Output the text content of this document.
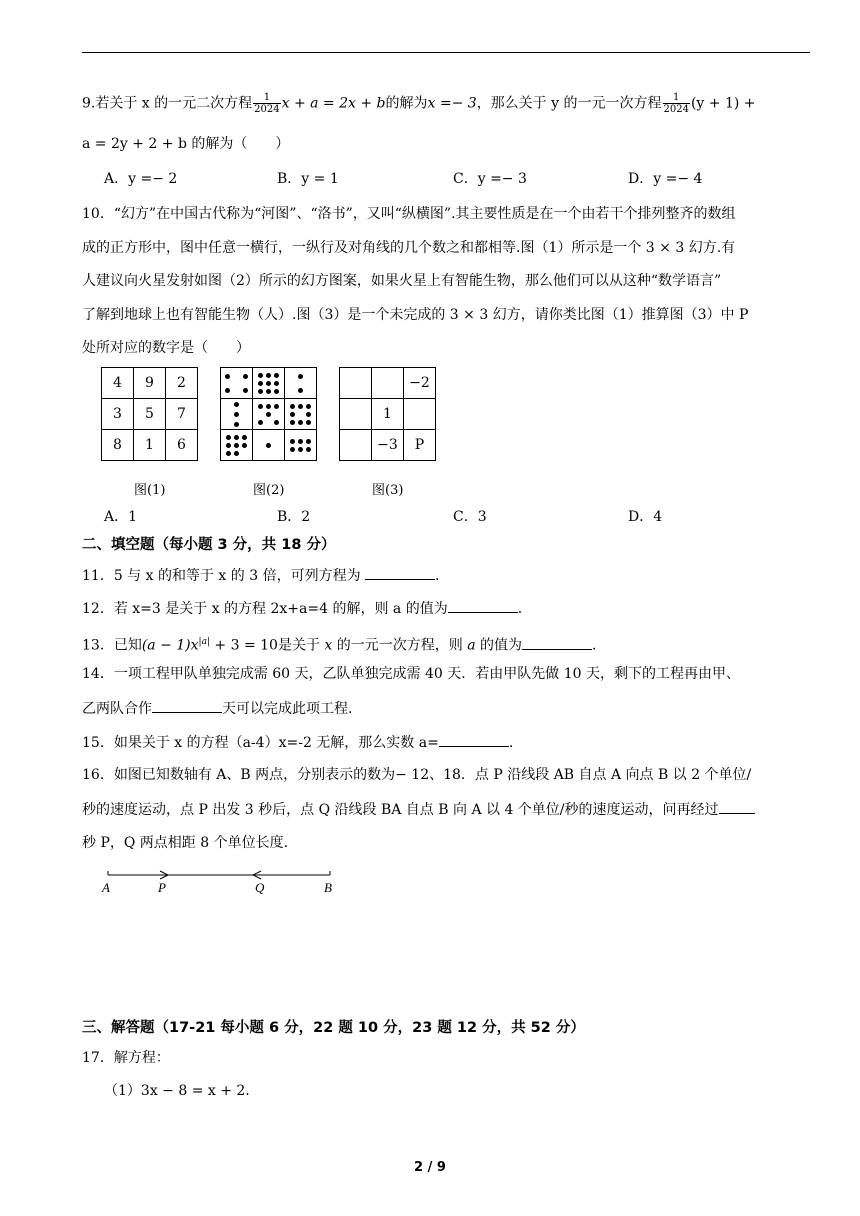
9.若关于 x 的一元二次方程 $\frac{1}{2024}$ x + a = 2x + b的解为x =− 3，那么关于 y 的一元一次方程 $\frac{1}{2024} (y + 1)$ +
a = 2y + 2 + b 的解为（　　）
A．y =− 2	B．y = 1	C．y =− 3	D．y =− 4
10．“幻方”在中国古代称为“河图”、“洛书”，又叫“纵横图”.其主要性质是在一个由若干个排列整齐的数组
成的正方形中，图中任意一横行，一纵行及对角线的几个数之和都相等.图（1）所示是一个 3 × 3 幻方.有
人建议向火星发射如图（2）所示的幻方图案，如果火星上有智能生物，那么他们可以从这种“数学语言”
了解到地球上也有智能生物（人）.图（3）是一个未完成的 3 × 3 幻方，请你类比图（1）推算图（3）中 P
处所对应的数字是（　　）
4	9	2
3	5	7
8	1	6

		−2
	1	
	−3	P
图(1)	图(2)	图(3)
A．1	B．2	C．3	D．4
二、填空题（每小题 3 分，共 18 分）
11．5 与 x 的和等于 x 的 3 倍，可列方程为	.
12．若 x=3 是关于 x 的方程 2x+a=4 的解，则 a 的值为	.
13．已知$(a - 1)x^{|a|} + 3 = 10$是关于 x 的一元一次方程，则 a 的值为	.
14．一项工程甲队单独完成需 60 天，乙队单独完成需 40 天．若由甲队先做 10 天，剩下的工程再由甲、
乙两队合作	天可以完成此项工程.
15．如果关于 x 的方程（a-4）x=-2 无解，那么实数 a=	.
16．如图已知数轴有 A、B 两点，分别表示的数为− 12、18．点 P 沿线段 AB 自点 A 向点 B 以 2 个单位/
秒的速度运动，点 P 出发 3 秒后，点 Q 沿线段 BA 自点 B 向 A 以 4 个单位/秒的速度运动，问再经过
秒 P，Q 两点相距 8 个单位长度.
A	P	Q	B
三、解答题（17-21 每小题 6 分，22 题 10 分，23 题 12 分，共 52 分）
17．解方程：
（1）3x − 8 = x + 2.
2 / 9
